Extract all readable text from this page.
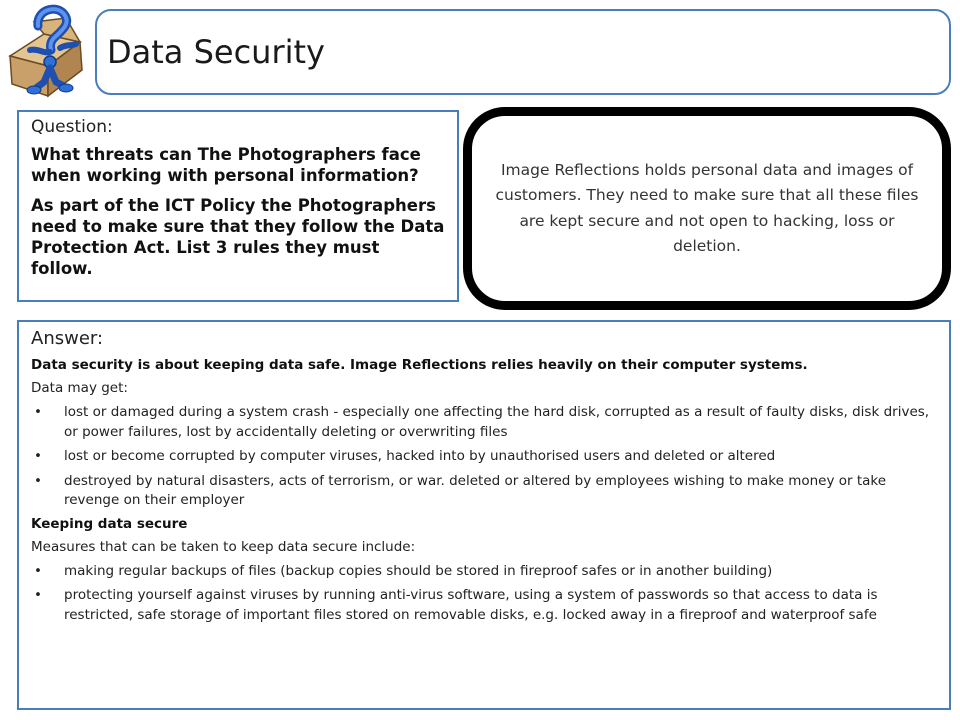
Data Security

Question:

What threats can The Photographers face when working with personal information?

As part of the ICT Policy the Photographers need to make sure that they follow the Data Protection Act. List 3 rules they must follow.

Image Reflections holds personal data and images of customers. They need to make sure that all these files are kept secure and not open to hacking, loss or deletion.

Answer:

Data security is about keeping data safe. Image Reflections relies heavily on their computer systems.

Data may get:

• lost or damaged during a system crash - especially one affecting the hard disk, corrupted as a result of faulty disks, disk drives, or power failures, lost by accidentally deleting or overwriting files
• lost or become corrupted by computer viruses, hacked into by unauthorised users and deleted or altered
• destroyed by natural disasters, acts of terrorism, or war. deleted or altered by employees wishing to make money or take revenge on their employer

Keeping data secure

Measures that can be taken to keep data secure include:

• making regular backups of files (backup copies should be stored in fireproof safes or in another building)
• protecting yourself against viruses by running anti-virus software, using a system of passwords so that access to data is restricted, safe storage of important files stored on removable disks, e.g. locked away in a fireproof and waterproof safe
